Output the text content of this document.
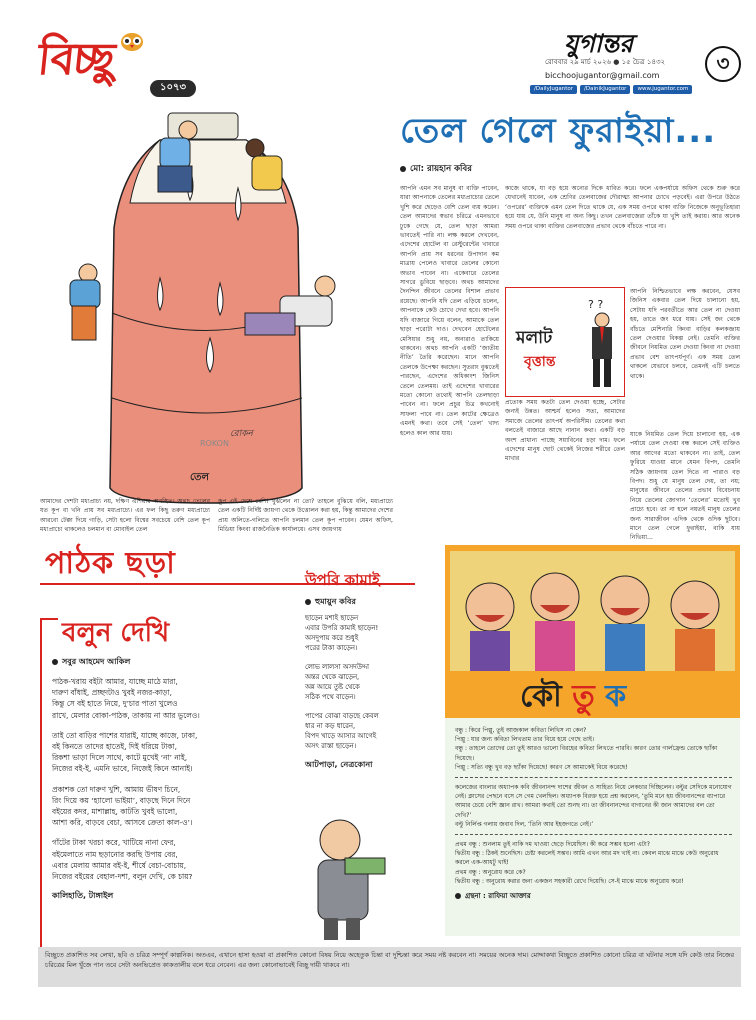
বিচ্ছু
১০৭৩
যুগান্তর
৩
রোববার ২৯ মার্চ ২০২৬ ● ১৫ চৈত্র ১৪৩২
bicchoojugantor@gmail.com
/DailyJugantor	/DainikJugantor	www.jugantor.com
ROKON
রোকন
তেল
তেল গেলে ফুরাইয়া...
মো: রায়হান কবির

আপনি এমন সব মানুষ বা ব্যক্তি পাবেন, যারা আপনাকে তেলের মধ্যপ্রাচ্যের তেলে খুশি করে ছেড়েও বেশি তেল ব্যয় করেন। তেল আমাদের স্বভাব চরিত্রে এমনভাবে ঢুকে গেছে যে, তেল ছাড়া আমরা ভাবতেই পারি না। লক্ষ করলে দেখবেন, এদেশের হোটেল বা রেস্টুরেন্টের খাবারে আপনি প্রায় সব ধরনের উপাদান কম মাত্রায় পেলেও খাবারে তেলের কোনো অভাব পাবেন না। একেবারে তেলের সাগরে ডুবিয়ে ছাড়বে। অথচ আমাদের দৈনন্দিন জীবনে তেলের বিশাল প্রভাব রয়েছে। আপনি যদি তেল এড়িয়ে চলেন, আপনাকে কেউ চোখে দেখা হবে। আপনি যদি বাজারে গিয়ে বলেন, আমাকে তেল ছাড়া পরোটা দাও। দেখবেন হোটেলের মেসিয়ার শুধু নয়, অন্যরাও তাকিয়ে থাকবেন। অথচ আপনি একটি ‘জাতীয় নীতি’ তৈরি করেছেন। মানে আপনি তেলকে উপেক্ষা করছেন। সুতরাং বুঝতেই পারছেন, এদেশের অধিকাংশ জিনিস তেলে তেলময়। তাই এদেশের খাবারের মতো কোনো তথ্যেই আপনি তেলছাড়া পাবেন না। ফলে প্রচুর চিত্র কখনোই সাফল্য পাবে না। তেল কাটের ক্ষেত্রেও এমনই কথা। তবে সেই ‘তেল’ খাদ্য হলেও কাল আর যায়।

প্রত্যেক সময় কতটা তেল দেওয়া হচ্ছে, সেটার জন্যই উন্নত। আশ্চর্য হলেও সত্য, আমাদের সমাজে তেলের তাৎপর্য অপরিসীম। তেলের কথা বলতেই বাজারে আছে নানান কথা। একটি বড় অংশ প্রাধান্য পাচ্ছে সয়াবিনের চড়া দাম। ফলে এদেশের মানুষ ছোট থেকেই নিজের শরীরে তেল মাখার

কাজে থাকে, যা বড় হয়ে অন্যের দিকে ধাবিত করে। ফলে একপর্যায়ে অফিস থেকে শুরু করে যেখানেই যাবেন, এক শ্রেণির তেলবাজের দৌরাত্ম্য আপনার চোখে পড়বেই। এরা উপরে উঠতে ‘ওপরের’ ব্যক্তিকে এমন তেল দিতে থাকে যে, এক সময় ওপরে থাকা ব্যক্তি নিজেকে অনুভূতিহারা হয়ে যায় যে, উনি মানুষ না অন্য কিছু। তখন তেলবাজেরা তাঁকে যা খুশি তাই করায়। আর অনেক সময় ওপরে থাকা ব্যক্তির তেলবাজের প্রভাব থেকে বাঁচতে পারে না।

আপনি নিশ্চিতভাবে লক্ষ করবেন, যেসব জিনিস একবার তেল দিয়ে চালানো হয়, সেটায় যদি পরবর্তীতে আর তেল না দেওয়া হয়, তাতে জং ধরে যায়। সেই জং থেকে বাঁচতে মেশিনারি কিংবা বাড়ির কলকব্জায় তেল দেওয়ার বিকল্প নেই। তেমনি ব্যক্তির জীবনে নিয়মিত তেল দেওয়া কিংবা না দেওয়া প্রভাব বেশ তাৎপর্যপূর্ণ। এক সময় তেল থাকলে যেভাবে চলবে, তেমনই এটি চলতে থাকে।

যাকে নিয়মিত তেল দিয়ে চালানো হয়, এক পর্যায়ে তেল দেওয়া বন্ধ করলে সেই ব্যক্তিও আর আগের মতো থাকবেন না। তাই, তেল ফুরিয়ে যাওয়া মানে যেমন বিপদ, তেমনি সঠিক জায়গায় তেল দিতে না পারাও বড় বিপদ। শুধু যে মানুষ তেল দেয়, তা নয়; মানুষের জীবনে তেলের প্রভাব বিবেচনায় নিয়ে তেলের জোগান ‘তেলের’ মতোই খুব প্রাচ্যে হবে। তা না হলে নয়তই মানুষ তেলের জন্য সারাজীবন এদিক থেকে ওদিক ছুটবে। মানে তেল গেলে ফুরাইয়া, বাকি যায় নিভিয়া...

আমাদের দেশটা মধ্যপ্রাচ্য নয়, দক্ষিণ এশিয়ায় অবস্থিত। অথচ তেলের যত কূপ বা খনি প্রায় সব মধ্যপ্রাচ্যে। এর ফল কিছু তরুণ মধ্যপ্রাচ্যে আরবো টেক্কা দিয়ে গাড়ি, সেটা হলো বিশ্বের সবচেয়ে বেশি তেল কূপ মধ্যপ্রাচ্যে থাকলেও চলমান বা মোবাইল তেল

কূপ এই দেশে বেশি! বুঝলেন না তো? তাহলে বুঝিয়ে বলি, মধ্যপ্রাচ্যে তেল একটি নির্দিষ্ট জায়গা থেকে উত্তোলন করা হয়, কিন্তু আমাদের দেশের প্রায় অলিতে-গলিতে আপনি চলমান তেল কূপ পাবেন। যেমন অফিস, মিডিয়া কিংবা রাজনৈতিক কার্যালয়ে। এসব জায়গায়

মলাট
বৃত্তান্ত
? ?
পাঠক ছড়া
বলুন দেখি
সবুর আহমেদ আকিল
পাঠক-খরায় বইটা আমার, যাচ্ছে মাঠে মারা,
দারুণ বাঁধাই, প্রচ্ছদটাও খুবই নজর-কাড়া,
কিন্তু সে বই হাতে নিয়ে, দু’চার পাতা খুলেও
রাখে, মেলার বোকা-পাঠক, তাকায় না আর ভুলেও।
তাই তো বাড়ির পাশের যারাই, যাচ্ছে কাজে, ঢাকা,
বই কিনতে তাদের হাতেই, দিই ধরিয়ে টাকা,
রিকশা ভাড়া দিলে সাথে, কাটে মুখেই ‘না’ নাই,
নিজের বই-ই, এমনি ভাবে, নিজেই কিনে আনাই।
প্রকাশক তো দারুণ খুশি, আমায় ভীষণ চিনে,
রিং দিয়ে কয় ‘হ্যালো ভাইয়া’, বাড়ছে দিনে দিনে
বইয়ের কদর, মাশাল্লাহ, কাটতি খুবই ভালো,
আশা করি, বাড়বে বেচা, আসবে ক্রেতা কাল-ও’।
গাঁটের টাকা খরচা করে, খাটিয়ে নানা ফের,
বইমেলাতে নাম ছড়ানোর করছি উপায় বের,
এবার মেলায় আমার বই-ই, শীর্ষে বেচা-বোচায়,
নিজের বইয়ের বেহাল-দশা, বলুন দেখি, কে চায়?
কালিহাতি, টাঙ্গাইল
উপরি কামাই
হুমায়ুন কবির
ছাড়েন মশাই ছাড়েন
এবার উপরি কামাই ছাড়েন!
অসদুপায় করে শুধুই
পরের টাকা কাড়েন।
লোভ লালসা অসদউদ্দা
অন্তর থেকে ঝাড়েন,
অন্ন আয়ে তুষ্ট থেকে
সঠিক পথে বাড়েন।
পাপের বোঝা বাড়ছে কেবল
ধার না কড় ধারেন,
বিপদ খাড়ে আসার আগেই
অসৎ রাস্তা ছাড়েন।
আটপাড়া, নেত্রকোনা
কৌ তু ক
বন্ধু : কিরে পিল্পু, তুই আজকাল কবিতা লিখিস না কেন?
পিল্পু : যার জন্য কবিতা লিখতাম তার বিয়ে হয়ে গেছে তাই।
বন্ধু : তাহলে তোদের তো তুই আরও ভালো বিরহের কবিতা লিখতে পারবি। কারণ তোর গার্লফ্রেন্ড তোকে ছ্যাঁকা দিয়েছে।
পিল্পু : সত্যি বন্ধু খুব বড় ছ্যাঁকা দিয়েছে! কারণ সে আমাকেই বিয়ে করেছে!
কলেজের বাংলার অধ্যাপক কবি জীবনানন্দ দাশের জীবন ও সাহিত্য নিয়ে লেকচার দিচ্ছিলেন। বল্টুর সেদিকে মনোযোগ নেই। ক্লাসের পেছনে বসে সে গেম খেলছিল। অধ্যাপক বিরক্ত হয়ে প্রশ্ন করলেন, ‘তুমি মনে হয় জীবনানন্দের ব্যাপারে আমার চেয়ে বেশি জ্ঞান রাখ। আমরা কথাই তো শুনছ না। তা জীবনানন্দের বাগানের কী জান আমাদের বল তো দেখি?’
বল্টু নির্লিপ্ত গলায় জবাব দিল, ‘তিনি আর ইহজগতে নেই।’
প্রথম বন্ধু : শুনলাম তুই নাকি দম খাওয়া ছেড়ে দিয়েছিস। কী করে সম্ভব হলো এটা?
দ্বিতীয় বন্ধু : ঠিকই শুনেছিস। চেষ্টা করলেই সম্ভব। আমি এখন আর মদ খাই না। কেবল মাঝে মাঝে কেউ অনুরোধ করলে এক-আধটু খাই!
প্রথম বন্ধু : অনুরোধ করে কে?
দ্বিতীয় বন্ধু : অনুরোধ করার জন্য একজন সহকারী রেখে দিয়েছি। সে-ই মাঝে মাঝে অনুরোধ করে!
গ্রন্থনা : রাফিয়া আক্তার
বিচ্ছুতে প্রকাশিত সব লেখা, ছবি ও চরিত্র সম্পূর্ণ কাল্পনিক। অতএব, এখানে হাসা হওয়া বা প্রকাশিত কোনো বিষয় নিয়ে অহেতুক চিন্তা বা দুশ্চিন্তা করে সময় নষ্ট করবেন না। সময়ের অনেক দাম। মোদ্দাকথা বিচ্ছুতে প্রকাশিত কোনো চরিত্র বা ঘটনার সঙ্গে যদি কেউ তার নিজের চরিত্রের মিল খুঁজে পান তবে সেটা অনভিপ্রেত কাকতালীয় বলে ধরে নেবেন। এর জন্য কোনোভাবেই বিচ্ছু দায়ী থাকবে না।
